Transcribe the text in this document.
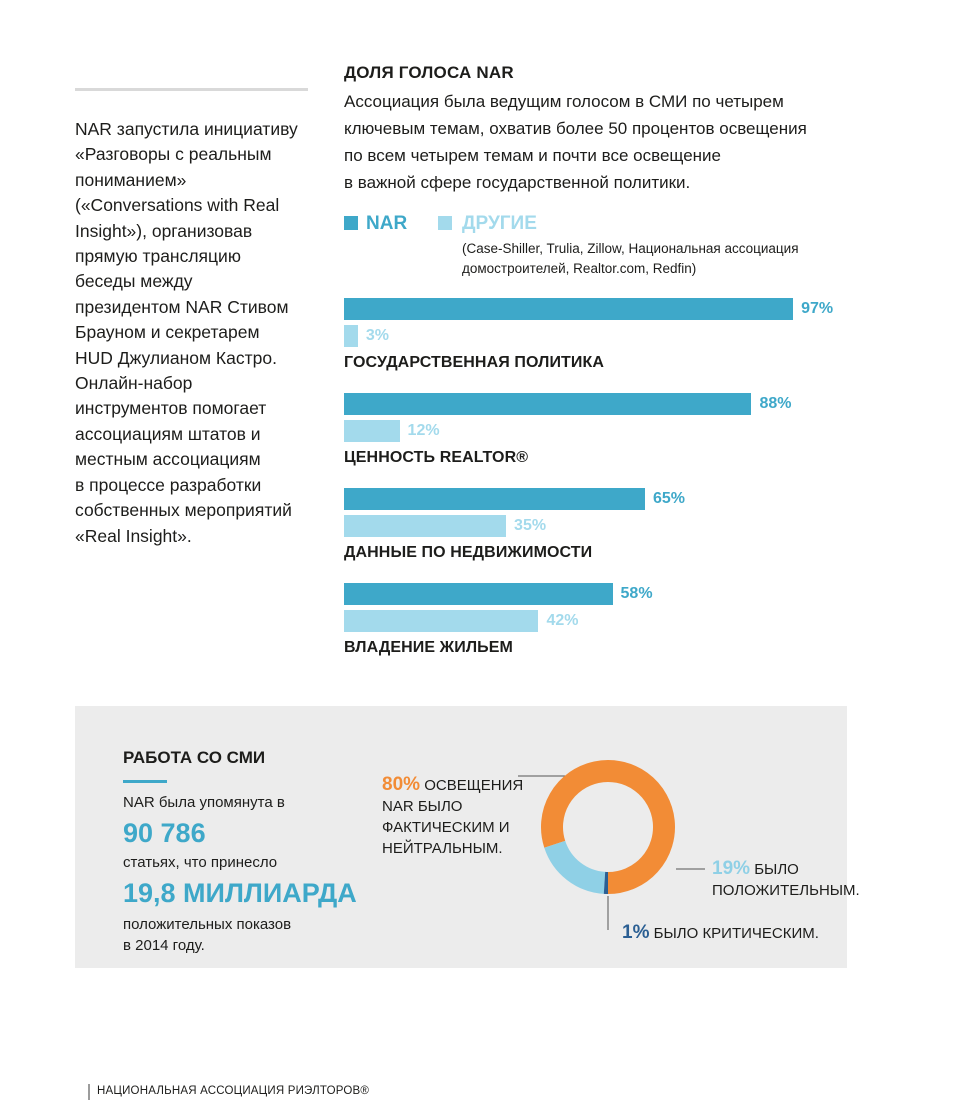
NAR запустила инициативу
«Разговоры с реальным
пониманием»
(«Conversations with Real
Insight»), организовав
прямую трансляцию
беседы между
президентом NAR Стивом
Брауном и секретарем
HUD Джулианом Кастро.
Онлайн-набор
инструментов помогает
ассоциациям штатов и
местным ассоциациям
в процессе разработки
собственных мероприятий
«Real Insight».
ДОЛЯ ГОЛОСА NAR
Ассоциация была ведущим голосом в СМИ по четырем
ключевым темам, охватив более 50 процентов освещения
по всем четырем темам и почти все освещение
в важной сфере государственной политики.
NAR	ДРУГИЕ
(Case-Shiller, Trulia, Zillow, Национальная ассоциация
домостроителей, Realtor.com, Redfin)
97%
3%
ГОСУДАРСТВЕННАЯ ПОЛИТИКА
88%
12%
ЦЕННОСТЬ REALTOR®
65%
35%
ДАННЫЕ ПО НЕДВИЖИМОСТИ
58%
42%
ВЛАДЕНИЕ ЖИЛЬЕМ
РАБОТА СО СМИ
NAR была упомянута в
90 786
статьях, что принесло
19,8 МИЛЛИАРДА
положительных показов
в 2014 году.
80% ОСВЕЩЕНИЯ
NAR БЫЛО
ФАКТИЧЕСКИМ И
НЕЙТРАЛЬНЫМ.
19% БЫЛО
ПОЛОЖИТЕЛЬНЫМ.
1% БЫЛО КРИТИЧЕСКИМ.
НАЦИОНАЛЬНАЯ АССОЦИАЦИЯ РИЭЛТОРОВ®
